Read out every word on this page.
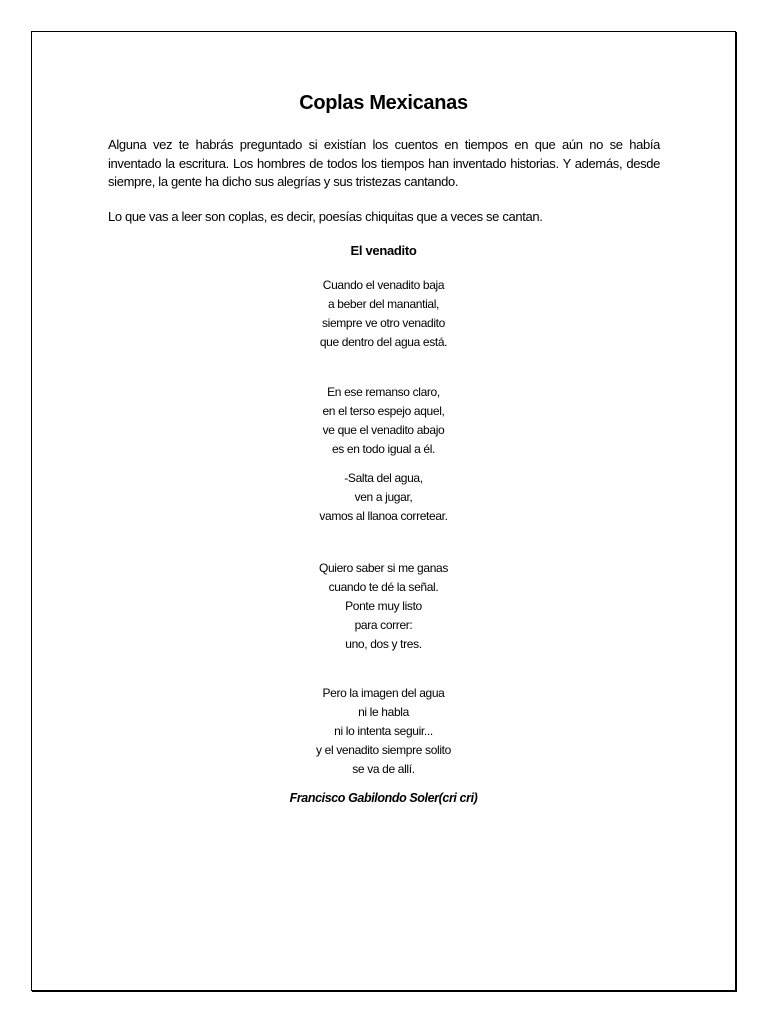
Coplas Mexicanas

Alguna vez te habrás preguntado si existían los cuentos en tiempos en que aún no se había inventado la escritura. Los hombres de todos los tiempos han inventado historias. Y además, desde siempre, la gente ha dicho sus alegrías y sus tristezas cantando.

Lo que vas a leer son coplas, es decir, poesías chiquitas que a veces se cantan.

El venadito
Cuando el venadito baja
a beber del manantial,
siempre ve otro venadito
que dentro del agua está.
En ese remanso claro,
en el terso espejo aquel,
ve que el venadito abajo
es en todo igual a él.
-Salta del agua,
ven a jugar,
vamos al llanoa corretear.
Quiero saber si me ganas
cuando te dé la señal.
Ponte muy listo
para correr:
uno, dos y tres.
Pero la imagen del agua
ni le habla
ni lo intenta seguir...
y el venadito siempre solito
se va de allí.
Francisco Gabilondo Soler(cri cri)
